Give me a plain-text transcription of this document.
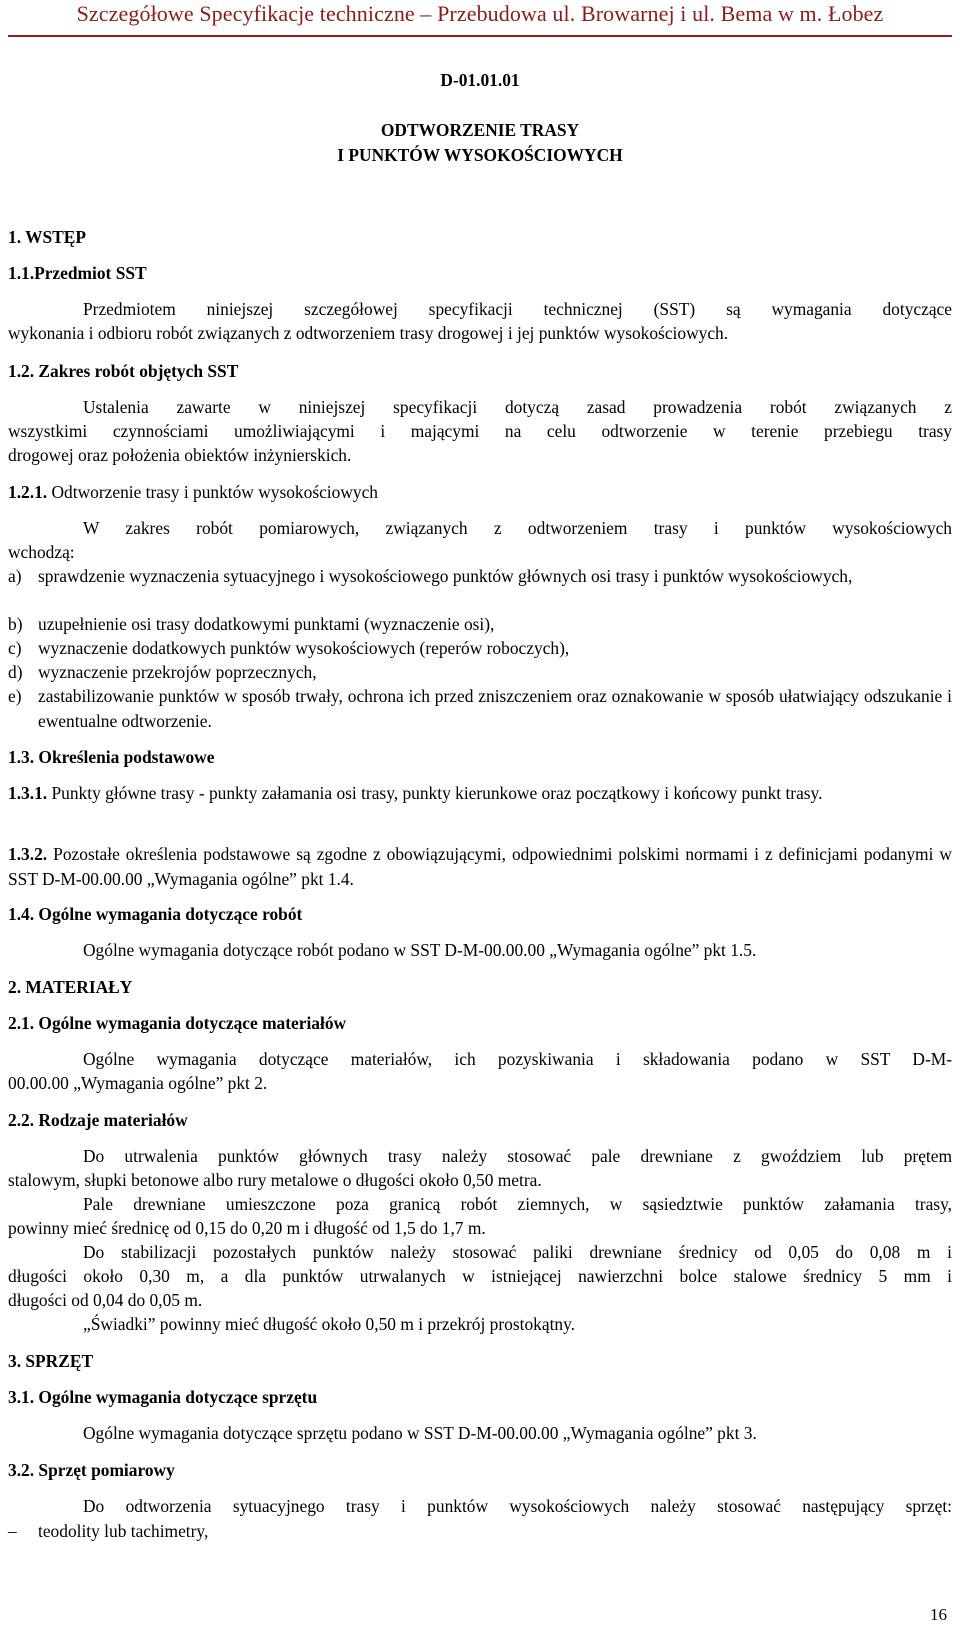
Szczegółowe Specyfikacje techniczne – Przebudowa ul. Browarnej i ul. Bema w m. Łobez
D-01.01.01
ODTWORZENIE TRASY
I PUNKTÓW WYSOKOŚCIOWYCH
1. WSTĘP
1.1.Przedmiot SST
Przedmiotem niniejszej szczegółowej specyfikacji technicznej (SST) są wymagania dotyczące
wykonania i odbioru robót związanych z odtworzeniem trasy drogowej i jej punktów wysokościowych.
1.2. Zakres robót objętych SST
Ustalenia zawarte w niniejszej specyfikacji dotyczą zasad prowadzenia robót związanych z
wszystkimi czynnościami umożliwiającymi i mającymi na celu odtworzenie w terenie przebiegu trasy
drogowej oraz położenia obiektów inżynierskich.
1.2.1. Odtworzenie trasy i punktów wysokościowych
W zakres robót pomiarowych, związanych z odtworzeniem trasy i punktów wysokościowych
wchodzą:
a) sprawdzenie wyznaczenia sytuacyjnego i wysokościowego punktów głównych osi trasy i punktów wysokościowych,
b) uzupełnienie osi trasy dodatkowymi punktami (wyznaczenie osi),
c) wyznaczenie dodatkowych punktów wysokościowych (reperów roboczych),
d) wyznaczenie przekrojów poprzecznych,
e) zastabilizowanie punktów w sposób trwały, ochrona ich przed zniszczeniem oraz oznakowanie w sposób ułatwiający odszukanie i ewentualne odtworzenie.
1.3. Określenia podstawowe
1.3.1. Punkty główne trasy - punkty załamania osi trasy, punkty kierunkowe oraz początkowy i końcowy punkt trasy.
1.3.2. Pozostałe określenia podstawowe są zgodne z obowiązującymi, odpowiednimi polskimi normami i z definicjami podanymi w SST D-M-00.00.00 „Wymagania ogólne” pkt 1.4.
1.4. Ogólne wymagania dotyczące robót
Ogólne wymagania dotyczące robót podano w SST D-M-00.00.00 „Wymagania ogólne” pkt 1.5.
2. MATERIAŁY
2.1. Ogólne wymagania dotyczące materiałów
Ogólne wymagania dotyczące materiałów, ich pozyskiwania i składowania podano w SST D-M-
00.00.00 „Wymagania ogólne” pkt 2.
2.2. Rodzaje materiałów
Do utrwalenia punktów głównych trasy należy stosować pale drewniane z gwoździem lub prętem
stalowym, słupki betonowe albo rury metalowe o długości około 0,50 metra.
Pale drewniane umieszczone poza granicą robót ziemnych, w sąsiedztwie punktów załamania trasy,
powinny mieć średnicę od 0,15 do 0,20 m i długość od 1,5 do 1,7 m.
Do stabilizacji pozostałych punktów należy stosować paliki drewniane średnicy od 0,05 do 0,08 m i
długości około 0,30 m, a dla punktów utrwalanych w istniejącej nawierzchni bolce stalowe średnicy 5 mm i
długości od 0,04 do 0,05 m.
„Świadki” powinny mieć długość około 0,50 m i przekrój prostokątny.
3. SPRZĘT
3.1. Ogólne wymagania dotyczące sprzętu
Ogólne wymagania dotyczące sprzętu podano w SST D-M-00.00.00 „Wymagania ogólne” pkt 3.
3.2. Sprzęt pomiarowy
Do odtworzenia sytuacyjnego trasy i punktów wysokościowych należy stosować następujący sprzęt:
– teodolity lub tachimetry,
16
